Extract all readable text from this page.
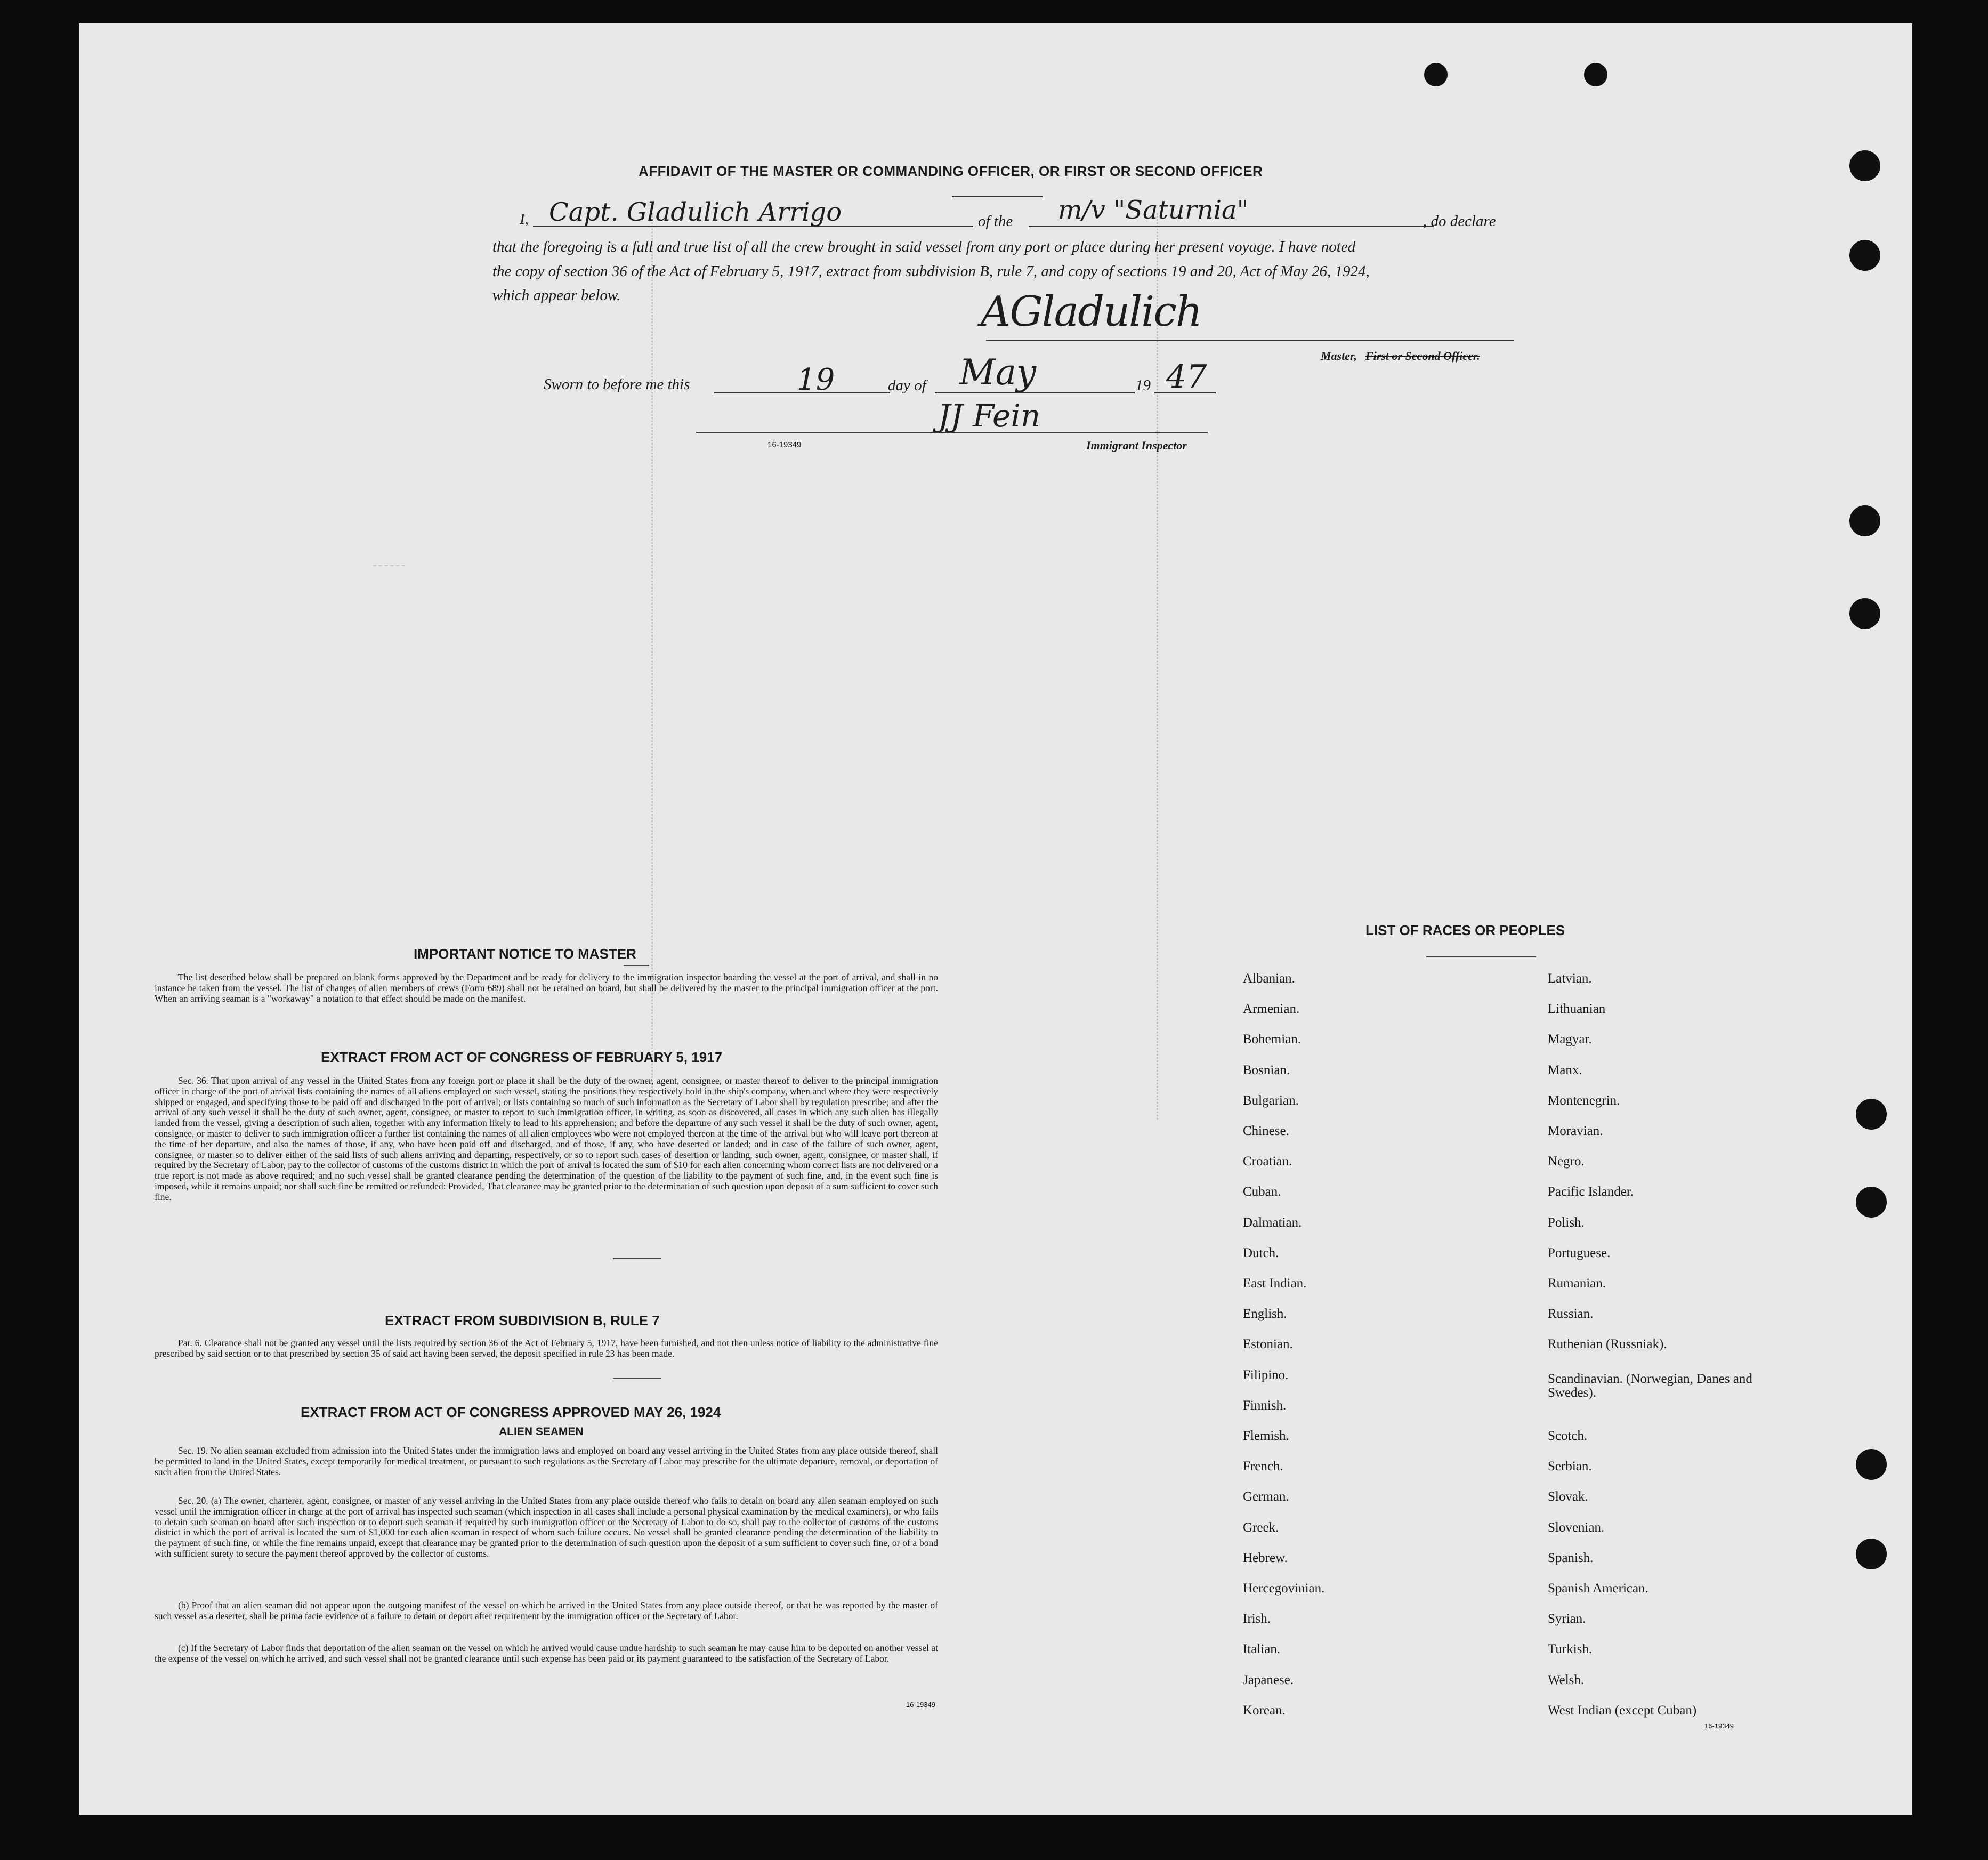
AFFIDAVIT OF THE MASTER OR COMMANDING OFFICER, OR FIRST OR SECOND OFFICER
I, Capt. Gladulich Arrigo	of the m/v "Saturnia"	, do declare
that the foregoing is a full and true list of all the crew brought in said vessel from any port or place during her present voyage. I have noted
the copy of section 36 of the Act of February 5, 1917, extract from subdivision B, rule 7, and copy of sections 19 and 20, Act of May 26, 1924,
which appear below.	AGladulich
Master, First or Second Officer.
Sworn to before me this	19	day of May	19 47
JJ Fein
16-19349	Immigrant Inspector
IMPORTANT NOTICE TO MASTER

The list described below shall be prepared on blank forms approved by the Department and be ready for delivery to the immigration inspector boarding the vessel at the port of arrival, and shall in no instance be taken from the vessel. The list of changes of alien members of crews (Form 689) shall not be retained on board, but shall be delivered by the master to the principal immigration officer at the port. When an arriving seaman is a "workaway" a notation to that effect should be made on the manifest.

EXTRACT FROM ACT OF CONGRESS OF FEBRUARY 5, 1917

Sec. 36. That upon arrival of any vessel in the United States from any foreign port or place it shall be the duty of the owner, agent, consignee, or master thereof to deliver to the principal immigration officer in charge of the port of arrival lists containing the names of all aliens employed on such vessel, stating the positions they respectively hold in the ship's company, when and where they were respectively shipped or engaged, and specifying those to be paid off and discharged in the port of arrival; or lists containing so much of such information as the Secretary of Labor shall by regulation prescribe; and after the arrival of any such vessel it shall be the duty of such owner, agent, consignee, or master to report to such immigration officer, in writing, as soon as discovered, all cases in which any such alien has illegally landed from the vessel, giving a description of such alien, together with any information likely to lead to his apprehension; and before the departure of any such vessel it shall be the duty of such owner, agent, consignee, or master to deliver to such immigration officer a further list containing the names of all alien employees who were not employed thereon at the time of the arrival but who will leave port thereon at the time of her departure, and also the names of those, if any, who have been paid off and discharged, and of those, if any, who have deserted or landed; and in case of the failure of such owner, agent, consignee, or master so to deliver either of the said lists of such aliens arriving and departing, respectively, or so to report such cases of desertion or landing, such owner, agent, consignee, or master shall, if required by the Secretary of Labor, pay to the collector of customs of the customs district in which the port of arrival is located the sum of $10 for each alien concerning whom correct lists are not delivered or a true report is not made as above required; and no such vessel shall be granted clearance pending the determination of the question of the liability to the payment of such fine, and, in the event such fine is imposed, while it remains unpaid; nor shall such fine be remitted or refunded: Provided, That clearance may be granted prior to the determination of such question upon deposit of a sum sufficient to cover such fine.

EXTRACT FROM SUBDIVISION B, RULE 7

Par. 6. Clearance shall not be granted any vessel until the lists required by section 36 of the Act of February 5, 1917, have been furnished, and not then unless notice of liability to the administrative fine prescribed by said section or to that prescribed by section 35 of said act having been served, the deposit specified in rule 23 has been made.

EXTRACT FROM ACT OF CONGRESS APPROVED MAY 26, 1924
ALIEN SEAMEN

Sec. 19. No alien seaman excluded from admission into the United States under the immigration laws and employed on board any vessel arriving in the United States from any place outside thereof, shall be permitted to land in the United States, except temporarily for medical treatment, or pursuant to such regulations as the Secretary of Labor may prescribe for the ultimate departure, removal, or deportation of such alien from the United States.

Sec. 20. (a) The owner, charterer, agent, consignee, or master of any vessel arriving in the United States from any place outside thereof who fails to detain on board any alien seaman employed on such vessel until the immigration officer in charge at the port of arrival has inspected such seaman (which inspection in all cases shall include a personal physical examination by the medical examiners), or who fails to detain such seaman on board after such inspection or to deport such seaman if required by such immigration officer or the Secretary of Labor to do so, shall pay to the collector of customs of the customs district in which the port of arrival is located the sum of $1,000 for each alien seaman in respect of whom such failure occurs. No vessel shall be granted clearance pending the determination of the liability to the payment of such fine, or while the fine remains unpaid, except that clearance may be granted prior to the determination of such question upon the deposit of a sum sufficient to cover such fine, or of a bond with sufficient surety to secure the payment thereof approved by the collector of customs.

(b) Proof that an alien seaman did not appear upon the outgoing manifest of the vessel on which he arrived in the United States from any place outside thereof, or that he was reported by the master of such vessel as a deserter, shall be prima facie evidence of a failure to detain or deport after requirement by the immigration officer or the Secretary of Labor.

(c) If the Secretary of Labor finds that deportation of the alien seaman on the vessel on which he arrived would cause undue hardship to such seaman he may cause him to be deported on another vessel at the expense of the vessel on which he arrived, and such vessel shall not be granted clearance until such expense has been paid or its payment guaranteed to the satisfaction of the Secretary of Labor.

16-19349
LIST OF RACES OR PEOPLES
Albanian.
Armenian.
Bohemian.
Bosnian.
Bulgarian.
Chinese.
Croatian.
Cuban.
Dalmatian.
Dutch.
East Indian.
English.
Estonian.
Filipino.
Finnish.
Flemish.
French.
German.
Greek.
Hebrew.
Hercegovinian.
Irish.
Italian.
Japanese.
Korean.
Latvian.
Lithuanian
Magyar.
Manx.
Montenegrin.
Moravian.
Negro.
Pacific Islander.
Polish.
Portuguese.
Rumanian.
Russian.
Ruthenian (Russniak).
Scandinavian. (Norwegian, Danes and Swedes).
Scotch.
Serbian.
Slovak.
Slovenian.
Spanish.
Spanish American.
Syrian.
Turkish.
Welsh.
West Indian (except Cuban)
16-19349
